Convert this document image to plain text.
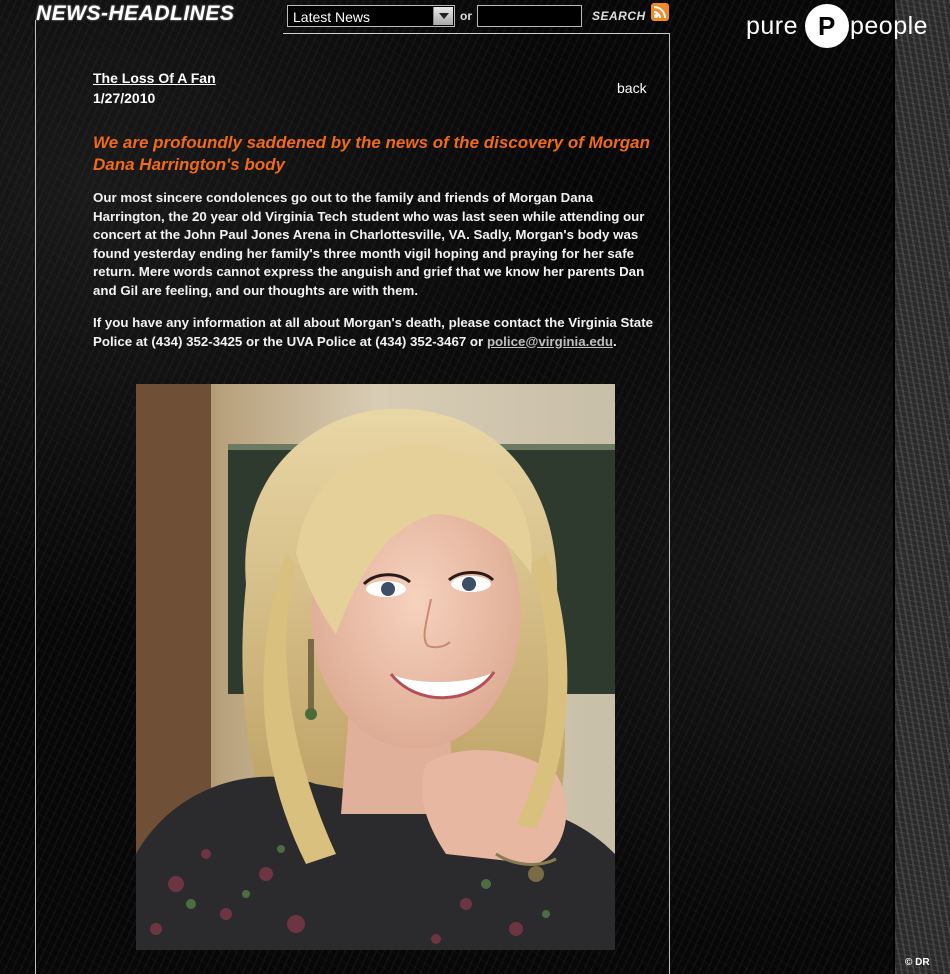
NEWS-HEADLINES	Latest News	or	SEARCH
The Loss Of A Fan
1/27/2010
back
We are profoundly saddened by the news of the discovery of Morgan Dana Harrington's body
Our most sincere condolences go out to the family and friends of Morgan Dana Harrington, the 20 year old Virginia Tech student who was last seen while attending our concert at the John Paul Jones Arena in Charlottesville, VA. Sadly, Morgan's body was found yesterday ending her family's three month vigil hoping and praying for her safe return. Mere words cannot express the anguish and grief that we know her parents Dan and Gil are feeling, and our thoughts are with them.
If you have any information at all about Morgan's death, please contact the Virginia State Police at (434) 352-3425 or the UVA Police at (434) 352-3467 or police@virginia.edu.
pure P people
© DR
